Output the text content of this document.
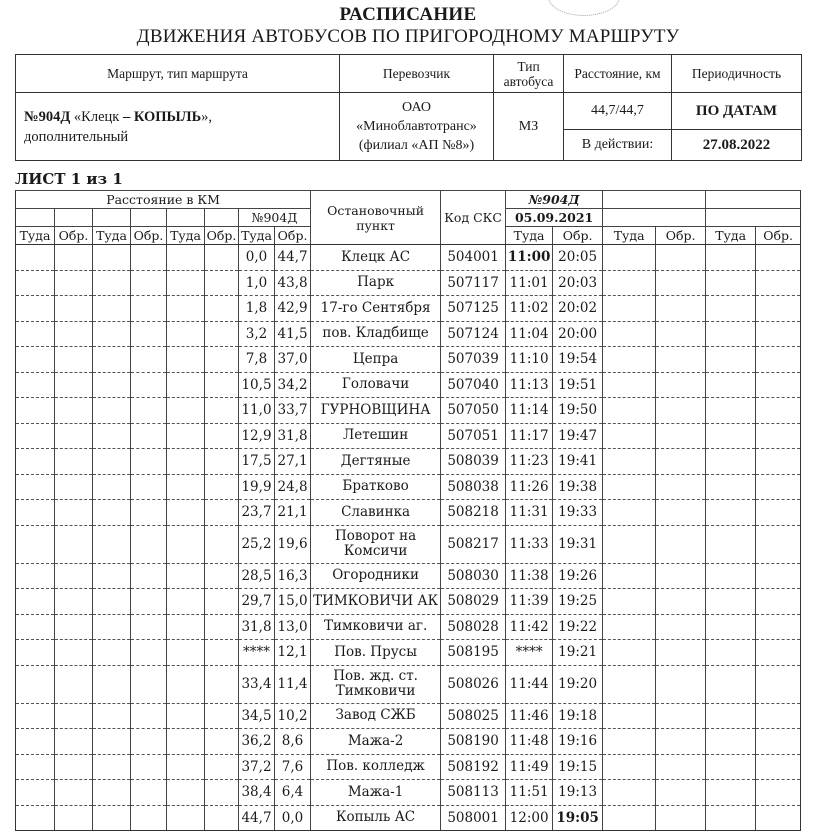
РАСПИСАНИЕ
ДВИЖЕНИЯ АВТОБУСОВ ПО ПРИГОРОДНОМУ МАРШРУТУ
Маршрут, тип маршрута	Перевозчик	Тип автобуса	Расстояние, км	Периодичность
№904Д «Клецк – КОПЫЛЬ»,
дополнительный	ОАО
«Миноблавтотранс»
(филиал «АП №8»)	МЗ	44,7/44,7	ПО ДАТАМ
			В действии:	27.08.2022
ЛИСТ 1 из 1
Расстояние в КМ								Остановочный пункт	Код СКС	№904Д					
						№904Д				05.09.2021					
Туда	Обр.	Туда	Обр.	Туда	Обр.	Туда	Обр.			Туда	Обр.	Туда	Обр.	Туда	Обр.
						0,0	44,7	Клецк АС	504001	11:00	20:05				
						1,0	43,8	Парк	507117	11:01	20:03				
						1,8	42,9	17-го Сентября	507125	11:02	20:02				
						3,2	41,5	пов. Кладбище	507124	11:04	20:00				
						7,8	37,0	Цепра	507039	11:10	19:54				
						10,5	34,2	Головачи	507040	11:13	19:51				
						11,0	33,7	ГУРНОВЩИНА	507050	11:14	19:50				
						12,9	31,8	Летешин	507051	11:17	19:47				
						17,5	27,1	Дегтяные	508039	11:23	19:41				
						19,9	24,8	Братково	508038	11:26	19:38				
						23,7	21,1	Славинка	508218	11:31	19:33				
						25,2	19,6	Поворот на
Комсичи	508217	11:33	19:31				
						28,5	16,3	Огородники	508030	11:38	19:26				
						29,7	15,0	ТИМКОВИЧИ АК	508029	11:39	19:25				
						31,8	13,0	Тимковичи аг.	508028	11:42	19:22				
						****	12,1	Пов. Прусы	508195	****	19:21				
						33,4	11,4	Пов. жд. ст.
Тимковичи	508026	11:44	19:20				
						34,5	10,2	Завод СЖБ	508025	11:46	19:18				
						36,2	8,6	Мажа-2	508190	11:48	19:16				
						37,2	7,6	Пов. колледж	508192	11:49	19:15				
						38,4	6,4	Мажа-1	508113	11:51	19:13				
						44,7	0,0	Копыль АС	508001	12:00	19:05				
